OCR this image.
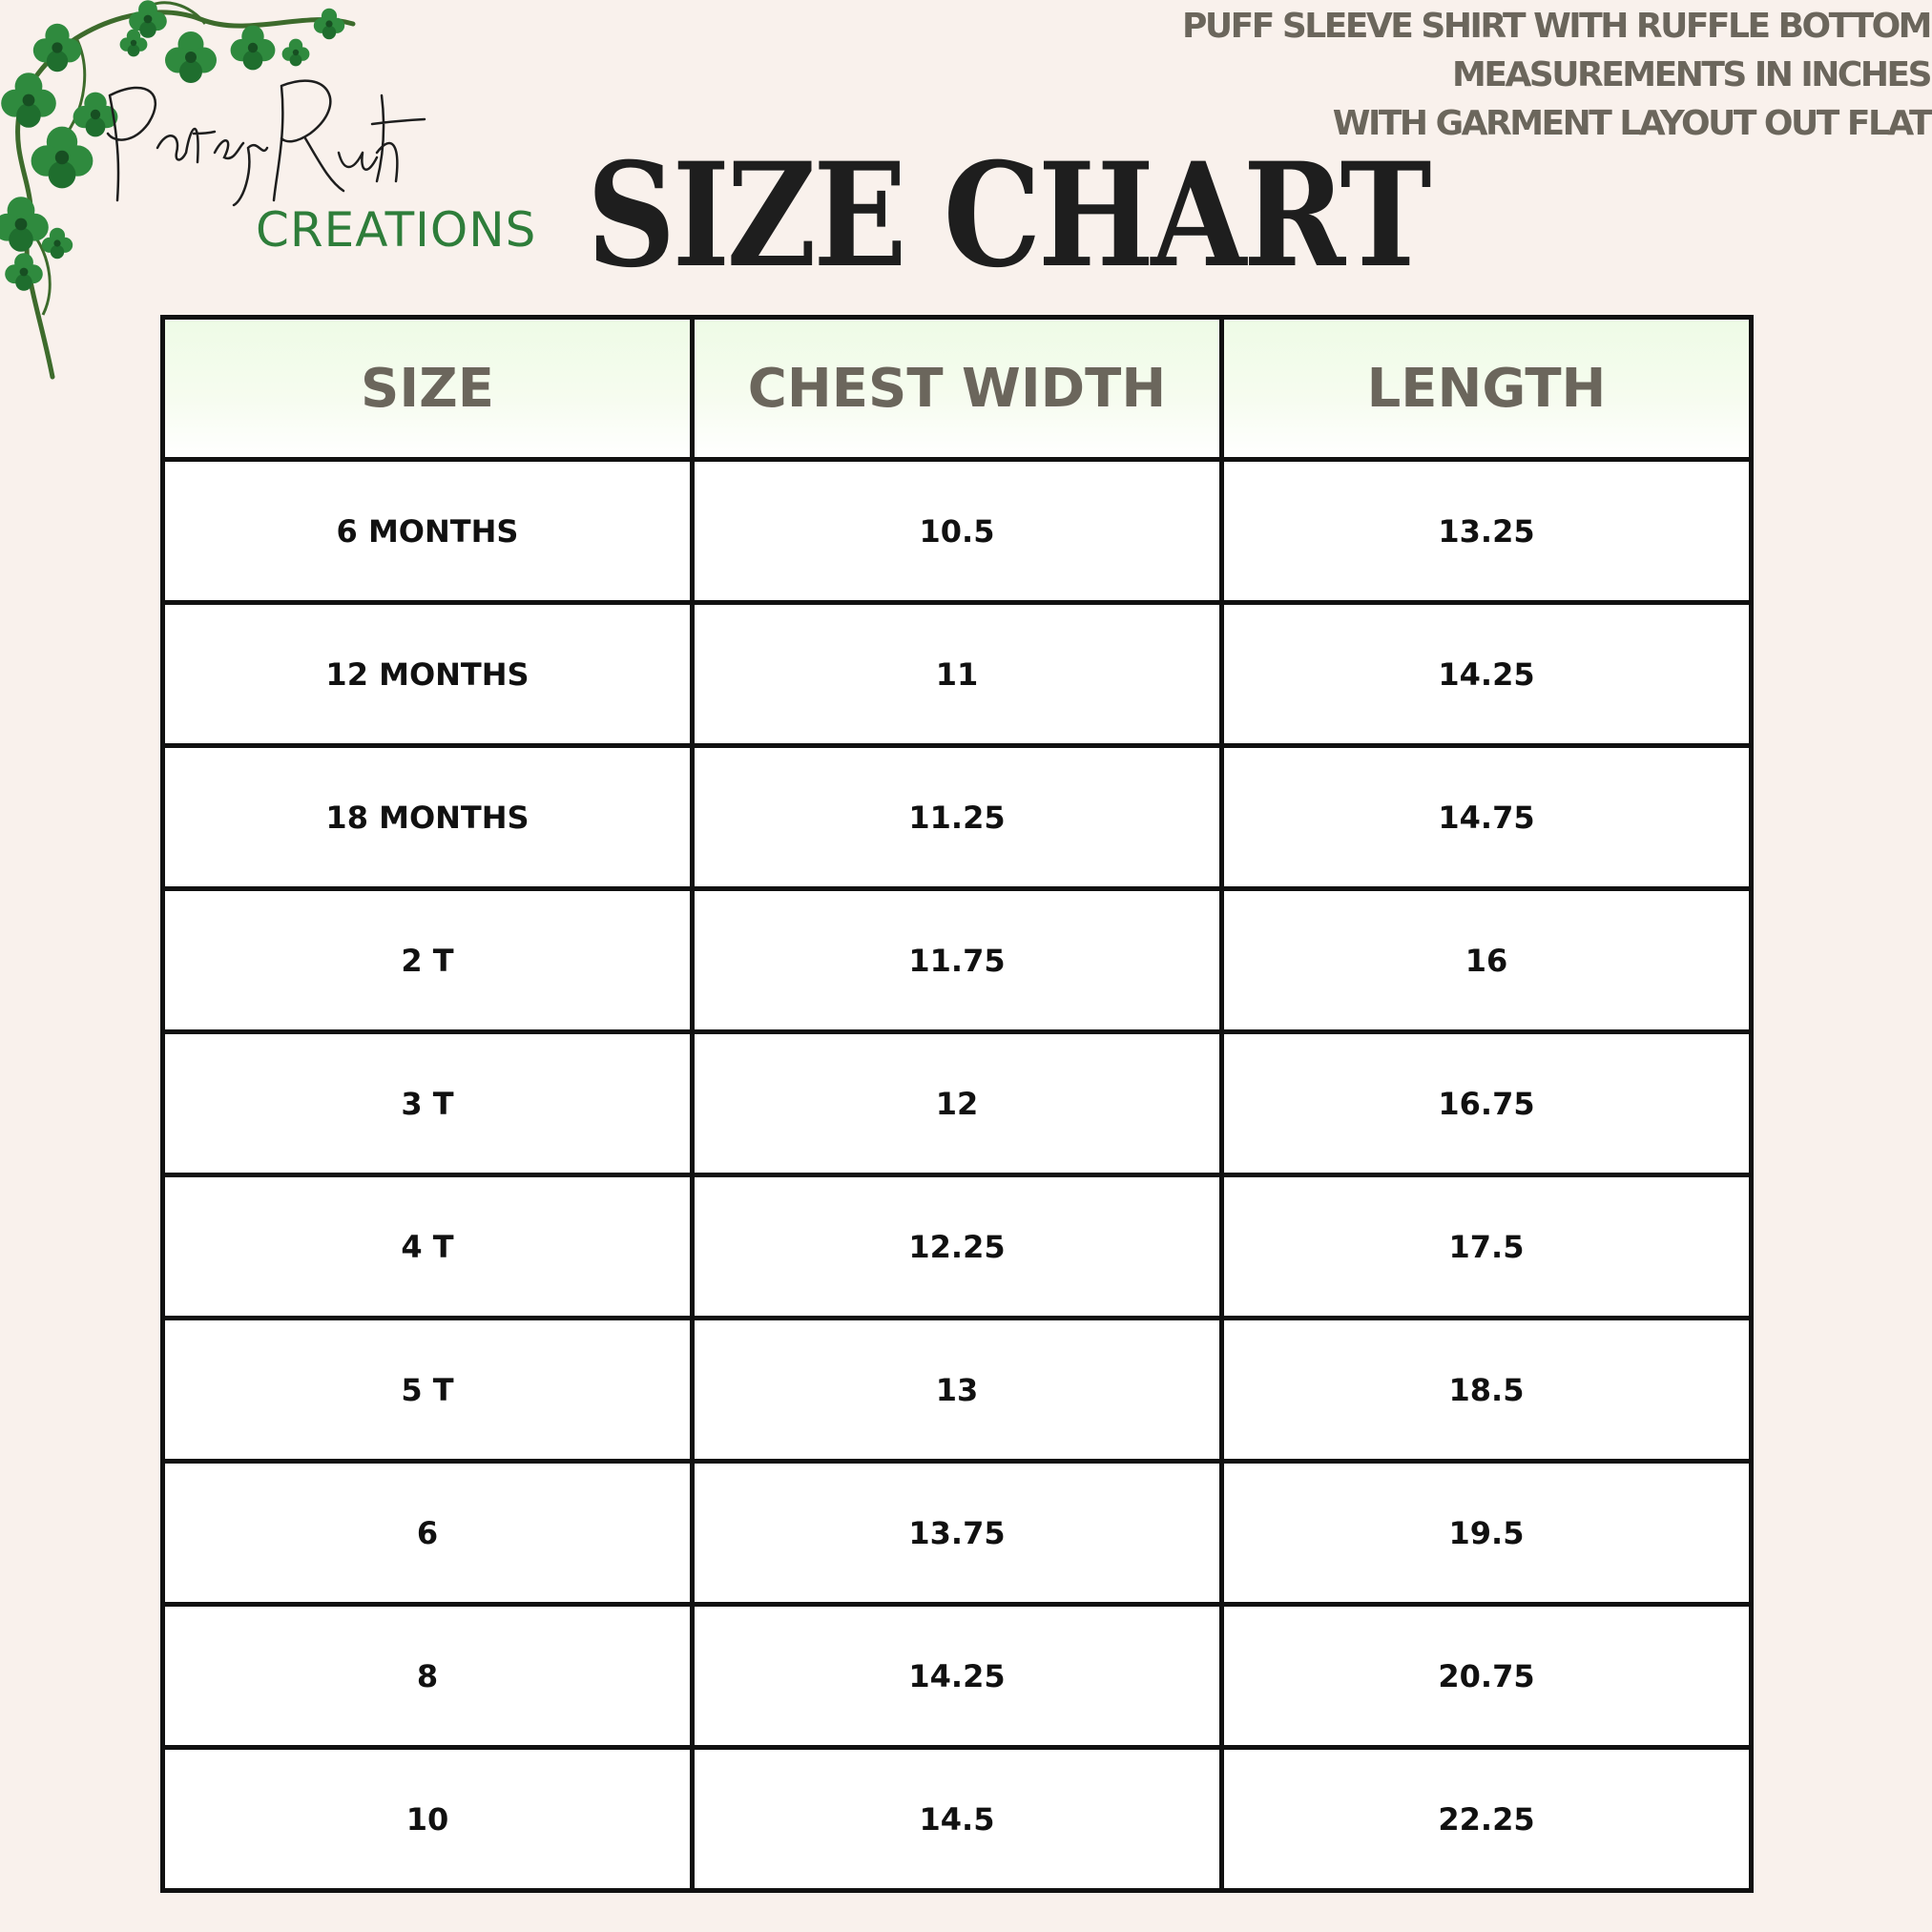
CREATIONS
PUFF SLEEVE SHIRT WITH RUFFLE BOTTOM
MEASUREMENTS IN INCHES
WITH GARMENT LAYOUT OUT FLAT
SIZE CHART
SIZE	CHEST WIDTH	LENGTH
6 MONTHS	10.5	13.25
12 MONTHS	11	14.25
18 MONTHS	11.25	14.75
2 T	11.75	16
3 T	12	16.75
4 T	12.25	17.5
5 T	13	18.5
6	13.75	19.5
8	14.25	20.75
10	14.5	22.25
